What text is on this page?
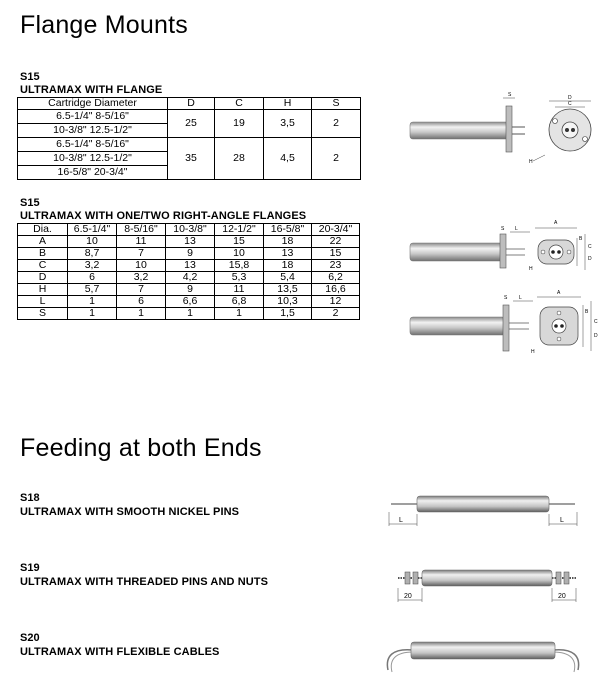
Flange Mounts
S15
ULTRAMAX WITH FLANGE
Cartridge Diameter	D	C	H	S
6.5-1/4" 8-5/16"	25	19	3,5	2
10-3/8" 12.5-1/2"				
6.5-1/4" 8-5/16"	35	28	4,5	2
10-3/8" 12.5-1/2"				
16-5/8" 20-3/4"				
S	D
C
H
S15
ULTRAMAX WITH ONE/TWO RIGHT-ANGLE FLANGES
Dia.	6.5-1/4"	8-5/16"	10-3/8"	12-1/2"	16-5/8"	20-3/4"
A	10	11	13	15	18	22
B	8,7	7	9	10	13	15
C	3,2	10	13	15,8	18	23
D	6	3,2	4,2	5,3	5,4	6,2
H	5,7	7	9	11	13,5	16,6
L	1	6	6,6	6,8	10,3	12
S	1	1	1	1	1,5	2
L
S
H
A
B
C
D
L
S
H
A
B
C
D
Feeding at both Ends
S18
ULTRAMAX WITH SMOOTH NICKEL PINS
L	L
S19
ULTRAMAX WITH THREADED PINS AND NUTS
20	20
S20
ULTRAMAX WITH FLEXIBLE CABLES
